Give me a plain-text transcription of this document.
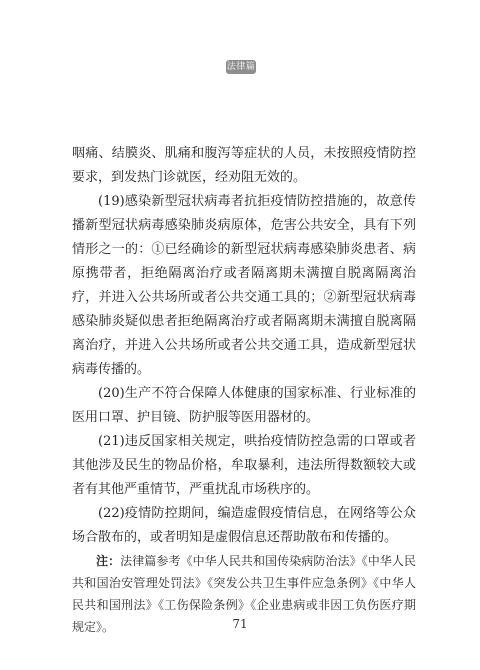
法律篇

咽痛、结膜炎、肌痛和腹泻等症状的人员，未按照疫情防控要求，到发热门诊就医，经劝阻无效的。

(19)感染新型冠状病毒者抗拒疫情防控措施的，故意传播新型冠状病毒感染肺炎病原体，危害公共安全，具有下列情形之一的：①已经确诊的新型冠状病毒感染肺炎患者、病原携带者，拒绝隔离治疗或者隔离期未满擅自脱离隔离治疗，并进入公共场所或者公共交通工具的；②新型冠状病毒感染肺炎疑似患者拒绝隔离治疗或者隔离期未满擅自脱离隔离治疗，并进入公共场所或者公共交通工具，造成新型冠状病毒传播的。

(20)生产不符合保障人体健康的国家标准、行业标准的医用口罩、护目镜、防护服等医用器材的。

(21)违反国家相关规定，哄抬疫情防控急需的口罩或者其他涉及民生的物品价格，牟取暴利，违法所得数额较大或者有其他严重情节，严重扰乱市场秩序的。

(22)疫情防控期间，编造虚假疫情信息，在网络等公众场合散布的，或者明知是虚假信息还帮助散布和传播的。

注：法律篇参考《中华人民共和国传染病防治法》《中华人民共和国治安管理处罚法》《突发公共卫生事件应急条例》《中华人民共和国刑法》《工伤保险条例》《企业患病或非因工负伤医疗期规定》。	71
